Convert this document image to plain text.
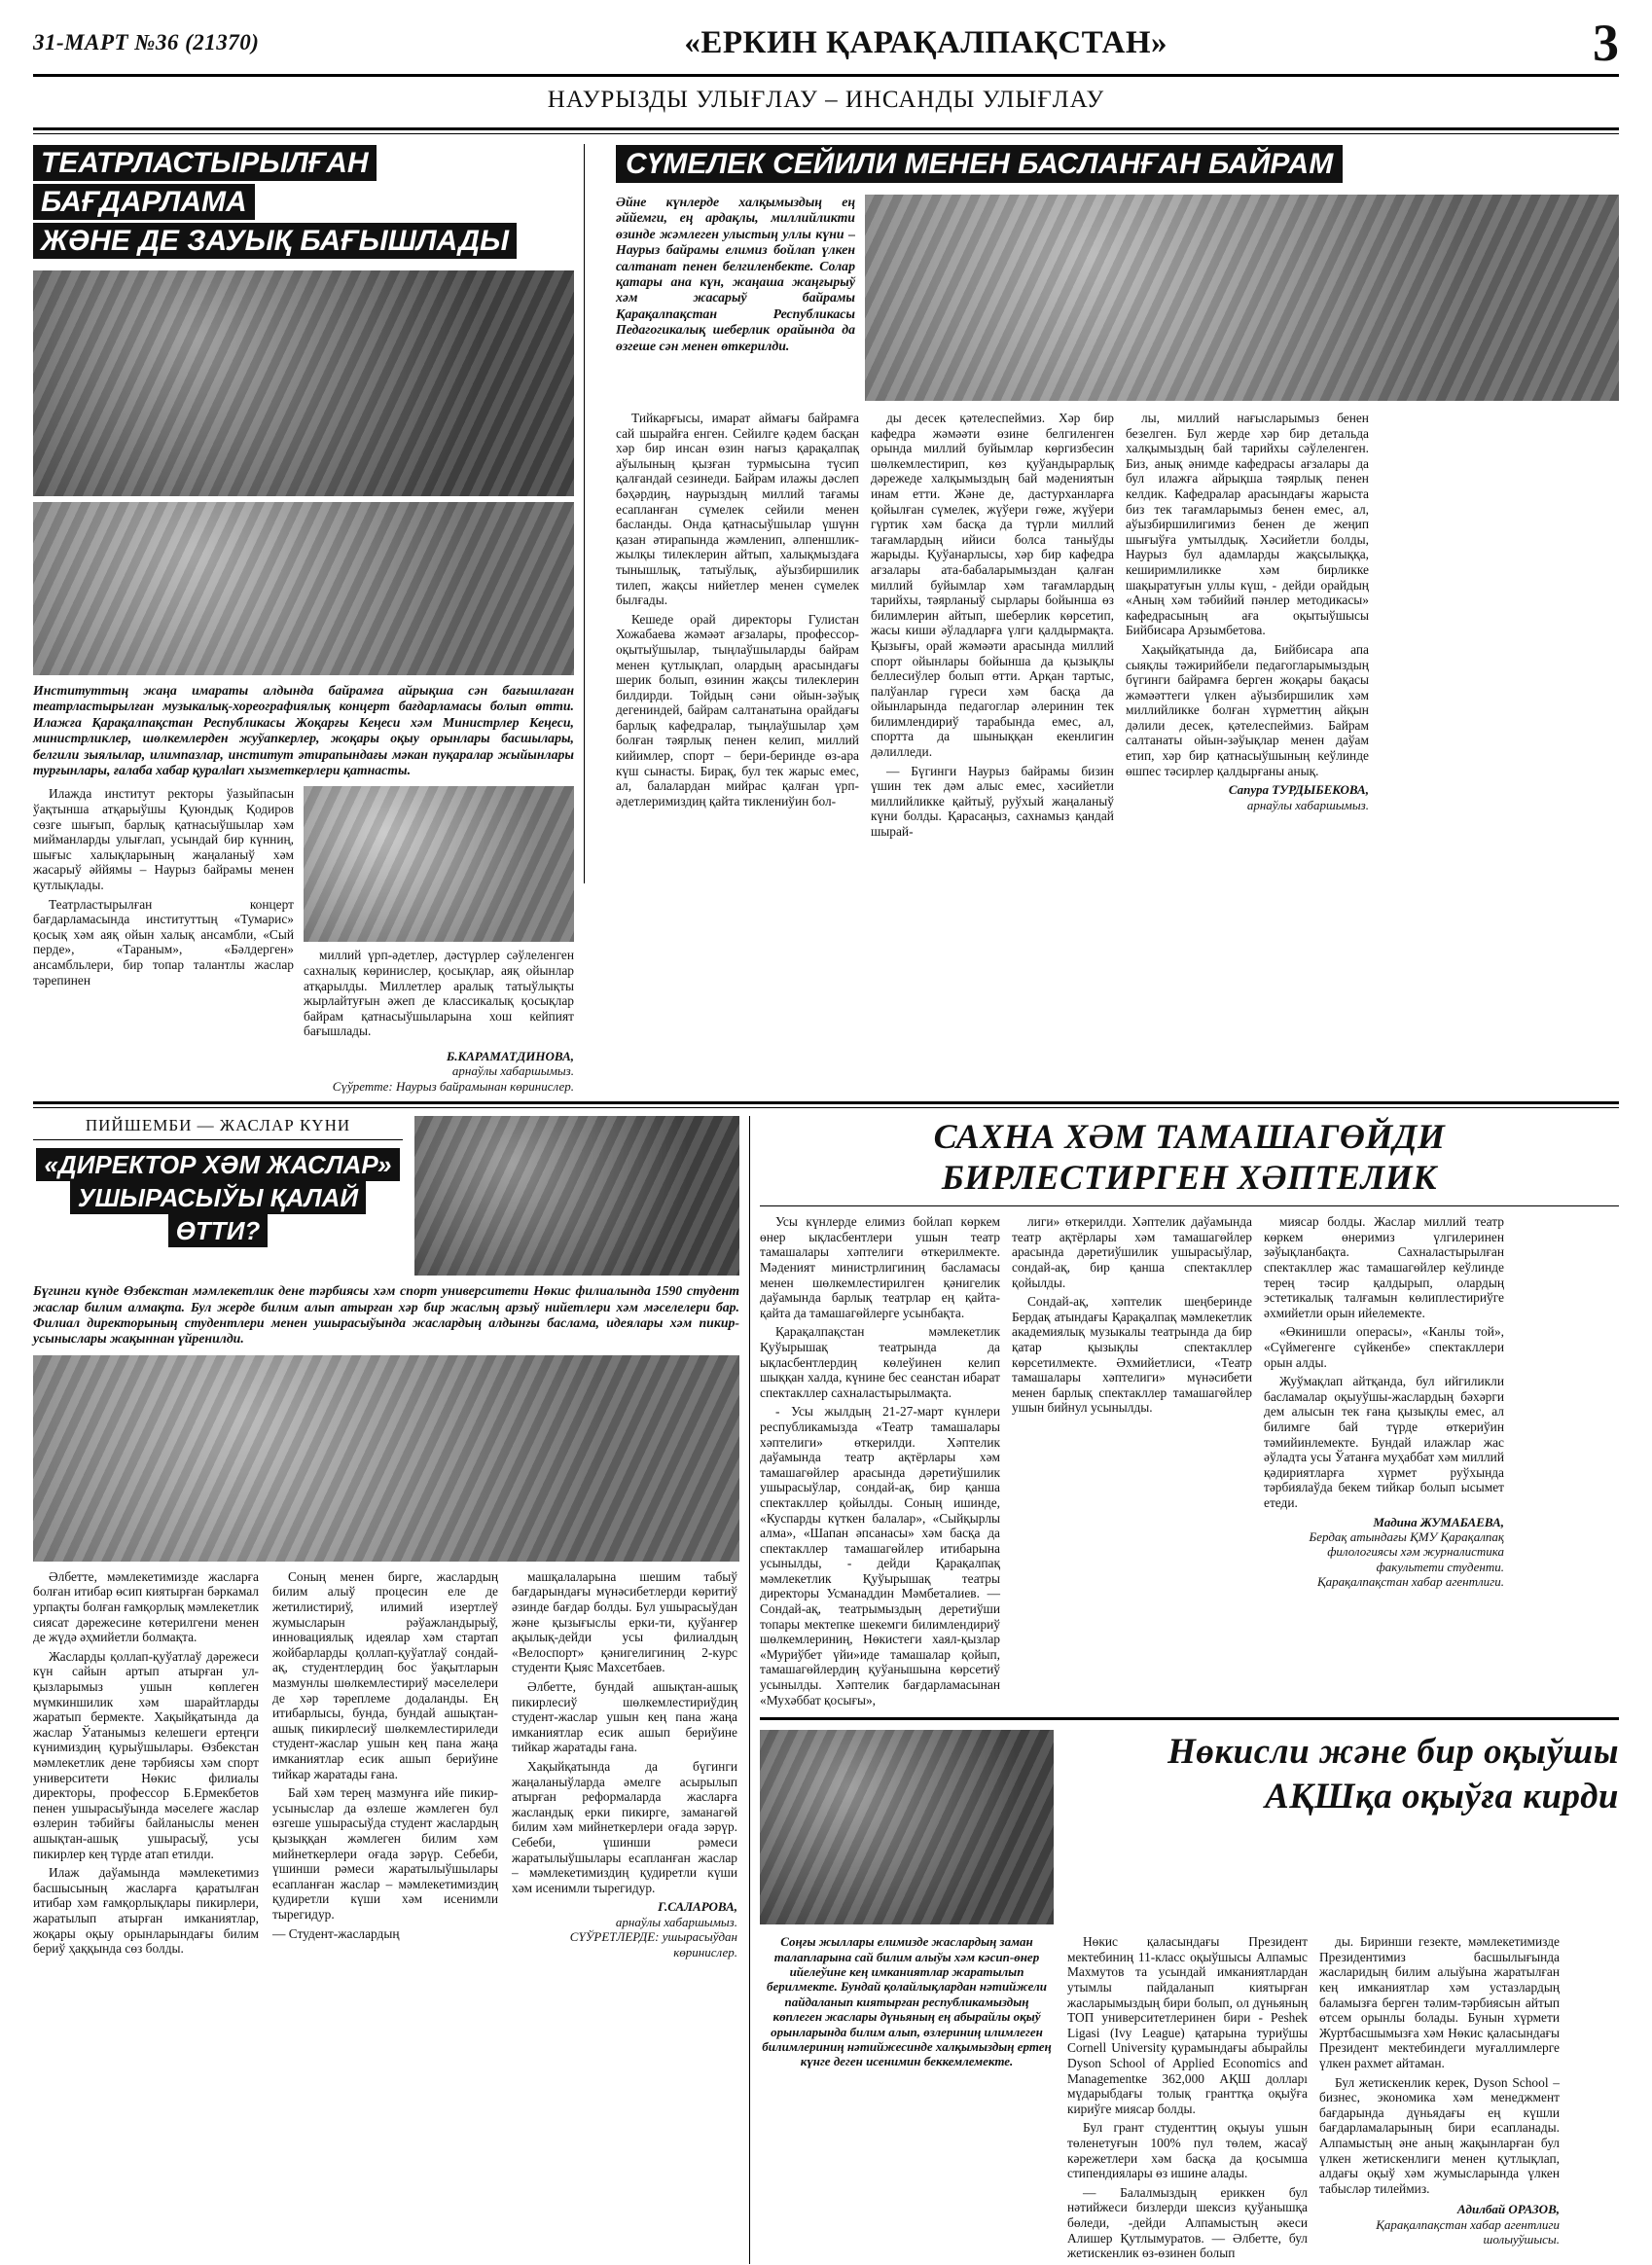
31-МАРТ №36 (21370)	«ЕРКИН ҚАРАҚАЛПАҚСТАН»	3
НАУРЫЗДЫ УЛЫҒЛАУ – ИНСАНДЫ УЛЫҒЛАУ
ТЕАТРЛАСТЫРЫЛҒАН БАҒДАРЛАМА
ЖӘНЕ ДЕ ЗАУЫҚ БАҒЫШЛАДЫ
Институттың жаңа имараты алдында байрамға айрықша сән бағышлаған театрластырылған музыкалық-хореографиялық концерт бағдарламасы болып өтти. Илажға Қарақалпақстан Республикасы Жоқарғы Кеңеси хәм Министрлер Кеңеси, министрликлер, шөлкемлерден жуўапкерлер, жоқары оқыу орынлары басшылары, белгили зыялылар, илимпазлар, институт әтирапындағы мәкан пуқаралар жыйынлары турғынлары, ғалаба хабар қуралları хызметкерлери қатнасты.

Илажда институт ректоры ўазыйпасын ўақтынша атқарыўшы Қуюндық Қодиров сөзге шығып, барлық қатнасыўшылар хәм мийманларды улығлап, усындай бир күнниң, шығыс халықларының жаңаланыў хәм жасарыў әййямы – Наурыз байрамы менен қутлықлады.

Театрластырылған концерт бағдарламасында институттың «Тумарис» қосық хәм аяқ ойын халық ансамбли, «Сый перде», «Тараным», «Бәлдерген» ансамбльлери, бир топар талантлы жаслар тәрепинен

миллий үрп-әдетлер, дәстүрлер сәўлеленген сахналық көринислер, қосықлар, аяқ ойынлар атқарылды. Миллетлер аралық татыўлықты жырлайтуғын әжеп де классикалық қосықлар байрам қатнасыўшыларына хош кейпият бағышлады.

Б.КАРАМАТДИНОВА,
арнаўлы хабаршымыз.
Сүўретте: Наурыз байрамынан көринислер.
СҮМЕЛЕК СЕЙИЛИ МЕНЕН БАСЛАНҒАН БАЙРАМ
Әйне күнлерде халқымыздың ең әййемги, ең ардақлы, миллийликти өзинде жәмлеген улыстың уллы күни – Наурыз байрамы елимиз бойлап үлкен салтанат пенен белгиленбекте. Солар қатары ана күн, жаңаша жаңғырыў хәм жасарыў байрамы Қарақалпақстан Республикасы Педагогикалық шеберлик орайында да өзгеше сән менен өткерилди.

Тийкарғысы, имарат аймағы байрамға сай шырайға енген. Сейилге қәдем басқан хәр бир инсан өзин нағыз қарақалпақ аўылының қызған турмысына түсип қалғандай сезинеди. Байрам илажы дәслеп бәҳәрдиң, наурыздың миллий тағамы есапланған сүмелек сейили менен басланды. Онда қатнасыўшылар үшүнн қазан әтирапында жәмленип, әлпеншлик-жылқы тилеклерин айтып, халықмыздаға тынышлық, татыўлық, аўызбиршилик тилеп, жақсы нийетлер менен сүмелек былғады.

Кешеде орай директоры Гулистан Хожабаева жәмәәт ағзалары, профессор-оқытыўшылар, тыңлаўшыларды байрам менен қутлықлап, олардың арасындағы шерик болып, өзинин жақсы тилеклерин билдирди. Тойдың сәни ойын-зәўық дегениндей, байрам салтанатына орайдағы барлық кафедралар, тыңлаўшылар ҳәм болған тәярлық пенен келип, миллий кийимлер, спорт – бери-беринде өз-ара күш сынасты. Бирақ, бул тек жарыс емес, ал, балалардан мийрас қалған үрп-әдетлеримиздиң қайта тиклениўин бол-

ды десек қәтелеспеймиз. Хәр бир кафедра жәмәәти өзине белгиленген орында миллий буйымлар көргизбесин шөлкемлестирип, көз қуўандырарлық дәрежеде халқымыздың бай мәдениятын инам етти. Және де, дастурханларға қойылған сүмелек, жүўери гөже, жүўери гүртик хәм басқа да түрли миллий тағамлардың ийиси болса таныўды жарыды. Қуўанарлысы, хәр бир кафедра ағзалары ата-бабаларымыздан қалған миллий буйымлар хәм тағамлардың тарийхы, тәярланыў сырлары бойынша өз билимлерин айтып, шеберлик көрсетип, жасы киши әўладларға үлги қалдырмақта. Қызығы, орай жәмәәти арасында миллий спорт ойынлары бойынша да қызықлы беллесиўлер болып өтти. Арқан тартыс, палўанлар гүреси хәм басқа да ойынларында педагоглар әлеринин тек билимлендириў тарабында емес, ал, спортта да шыныққан екенлигин дәлилледи.

— Бүгинги Наурыз байрамы бизин үшин тек дәм алыс емес, хәсийетли миллийликке қайтыў, руўхый жаңаланыў күни болды. Қарасаңыз, сахнамыз қандай шырай-

лы, миллий нағысларымыз бенен безелген. Бул жерде хәр бир детальда халқымыздың бай тарийхы сәўлеленген. Биз, анық әнимде кафедрасы ағзалары да бул илажға айрықша тәярлық пенен келдик. Кафедралар арасындағы жарыста биз тек тағамларымыз бенен емес, ал, аўызбиршилигимиз бенен де жеңип шығыўға умтылдық. Хәсийетли болды, Наурыз бул адамларды жақсылыққа, кеширимлиликке хәм бирликке шақыратуғын уллы күш, - дейди орайдың «Аның хәм тәбийий пәнлер методикасы» кафедрасының аға оқытыўшысы Бийбисара Арзымбетова.

Хақыйқатында да, Бийбисара апа сыяқлы тәжирийбели педагогларымыздың бүгинги байрамға берген жоқары бақасы жәмәәттеги үлкен аўызбиршилик хәм миллийликке болған хүрметтиң айқын дәлили десек, қәтелеспеймиз. Байрам салтанаты ойын-зәўықлар менен даўам етип, хәр бир қатнасыўшының кеўлинде өшпес тәсирлер қалдырғаны анық.

Сапура ТУРДЫБЕКОВА,
арнаўлы хабаршымыз.
ПИЙШЕМБИ — ЖАСЛАР КҮНИ
«ДИРЕКТОР ХӘМ ЖАСЛАР»
УШЫРАСЫЎЫ ҚАЛАЙ ӨТТИ?
Бүгинги күнде Өзбекстан мәмлекетлик дене тәрбиясы хәм спорт университети Нөкис филиалында 1590 студент жаслар билим алмақта. Бул жерде билим алып атырған хәр бир жаслың арзыў нийетлери хәм мәселелери бар. Филиал директорының студентлери менен ушырасыўында жаслардың алдынғы баслама, идеялары хәм пикир-усыныслары жақыннан үйренилди.

Әлбетте, мәмлекетимизде жасларға болған итибар өсип киятырған бәркамал урпақты болған ғамқорлық мәмлекетлик сиясат дәрежесине көтерилгени менен де жүдә әҳмийетли болмақта.

Жасларды қоллап-қуўатлаў дәрежеси күн сайын артып атырған ул-қызларымыз ушын көплеген мүмкиншилик хәм шарайтларды жаратып бермекте. Хақыйқатында да жаслар Ўатанымыз келешеги ертеңги күнимиздиң қурыўшылары. Өзбекстан мәмлекетлик дене тәрбиясы хәм спорт университети Нөкис филиалы директоры, профессор Б.Ермекбетов пенен ушырасыўында мәселеге жаслар өзлерин тәбийғы байланыслы менен ашықтан-ашық ушырасыў, усы пикирлер кең түрде атап етилди.

Илаж даўамында мәмлекетимиз басшысының жасларға қаратылған итибар хәм ғамқорлықлары пикирлери, жаратылып атырған имканиятлар, жоқары оқыу орынларындағы билим бериў ҳаққында сөз болды.

Соның менен бирге, жаслардың билим алыў процесин еле де жетилистириў, илимий изертлеў жумысларын рәўажландырыў, инновациялық идеялар хәм стартап жойбарларды қоллап-қуўатлаў сондай-ақ, студентлердиң бос ўақытларын мазмунлы шөлкемлестириў мәселелери де хәр тәреплеме додаланды. Ең итибарлысы, бунда, бундай ашықтан-ашық пикирлесиў шөлкемлестириледи студент-жаслар ушын кең пана жаңа имканиятлар есик ашып бериўине тийкар жаратады ғана.

Бай хәм терең мазмунға ийе пикир-усыныслар да өзлеше жәмлеген бул өзгеше ушырасыўда студент жаслардың қызыққан жәмлеген билим хәм мийнеткерлери оғада зәрүр. Себеби, үшинши рәмеси жаратылыўшылары есапланған жаслар – мәмлекетимиздиң қудиретли күши хәм исенимли тырегидур.

— Студент-жаслардың

машқалаларына шешим табыў бағдарындағы мүнәсибетлерди көритиў әзинде бағдар болды. Бул ушырасыўдан және қызығыслы ерки-ти, қуўанғер ақылық-дейди усы филиалдың «Велоспорт» қәнигелигиниң 2-курс студенти Қыяс Махсетбаев.

Әлбетте, бундай ашықтан-ашық пикирлесиў шөлкемлестириўдиң студент-жаслар ушын кең пана жаңа имканиятлар есик ашып бериўине тийкар жаратады ғана.

Хақыйқатында да бүгинги жаңаланыўларда әмелге асырылып атырған реформаларда жасларға жасландық ерки пикирге, заманагөй билим хәм мийнеткерлери оғада зәрүр. Себеби, үшинши рәмеси жаратылыўшылары есапланған жаслар – мәмлекетимиздиң қудиретли күши хәм исенимли тырегидур.

Г.САЛАРОВА,
арнаўлы хабаршымыз.
СҮЎРЕТЛЕРДЕ: ушырасыўдан көринислер.
САХНА ХӘМ ТАМАШАГӨЙДИ
БИРЛЕСТИРГЕН ХӘПТЕЛИК

Усы күнлерде елимиз бойлап көркем өнер ықласбентлери ушын театр тамашалары хәптелиги өткерилмекте. Мәденият министрлигиниң басламасы менен шөлкемлестирилген қәнигелик даўамында барлық театрлар ең қайта-қайта да тамашагөйлерге усынбақта.

Қарақалпақстан мәмлекетлик Қуўырышақ театрында да ықласбентлердиң көлеўинен келип шыққан халда, күнине бес сеанстан ибарат спектакллер сахналастырылмақта.

- Усы жылдың 21-27-март күнлери республикамызда «Театр тамашалары хәптелиги» өткерилди. Хәптелик даўамында театр ақтёрлары хәм тамашагөйлер арасында дәретиўшилик ушырасыўлар, сондай-ақ, бир қанша спектакллер қойылды. Соның ишинде, «Куспарды күткен балалар», «Сыйқырлы алма», «Шапан әпсанасы» хәм басқа да спектакллер тамашагөйлер итибарына усынылды, - дейди Қарақалпақ мәмлекетлик Қуўырышақ театры директоры Усманаддин Мәмбеталиев. — Сондай-ақ, театрымыздың деретиўши топары мектепке шекемги билимлендириў шөлкемлериниң, Нөкистеги хаял-қызлар «Муриўбет үйи»иде тамашалар қойып, тамашагөйлердиң қуўанышына көрсетиў усынылды. Хәптелик бағдарламасынан «Мухәббат қосығы»,

лиги» өткерилди. Хәптелик даўамында театр ақтёрлары хәм тамашагөйлер арасында дәретиўшилик ушырасыўлар, сондай-ақ, бир қанша спектакллер қойылды.

Сондай-ақ, хәптелик шеңберинде Бердақ атындағы Қарақалпақ мәмлекетлик академиялық музыкалы театрында да бир қатар қызықлы спектакллер көрсетилмекте. Әхмийетлиси, «Театр тамашалары хәптелиги» мүнәсибети менен барлық спектакллер тамашагөйлер ушын бийнул усынылды.

миясар болды. Жаслар миллий театр көркем өнеримиз үлгилеринен зәўықланбақта. Сахналастырылған спектакллер жас тамашагөйлер кеўлинде терең тәсир қалдырып, олардың эстетикалық талғамын көлиплестириўге әхмийетли орын ийелемекте.

«Өкинишли операсы», «Канлы той», «Сүймегенге сүйкенбе» спектакллери орын алды.

Жуўмақлап айтқанда, бул ийгиликли басламалар оқыуўшы-жаслардың бәхәрги дем алысын тек ғана қызықлы емес, ал билимге бай түрде өткериўин тәмийинлемекте. Бундай илажлар жас әўладта усы Ўатанға муҳаббат хәм миллий қәдириятларға хүрмет руўхында тәрбиялаўда бекем тийкар болып ысымет етеди.

Мадина ЖУМАБАЕВА,
Бердақ атындағы ҚМУ Қарақалпақ филологиясы хәм журналистика факультети студенти.
Қарақалпақстан хабар агентлиги.
Нөкисли және бир оқыўшы
АҚШқа оқыўға кирди
Соңғы жыллары елимизде жаслардың заман талапларына сай билим алыўы хәм кәсип-өнер ийелеўине кең имканиятлар жаратылып берилмекте. Бундай қолайлықлардан нәтийжели пайдаланып киятырған республикамыздың көплеген жаслары дүньяның ең абырайлы оқыў орынларында билим алып, өзлериниң илимлеген билимлериниң нәтийжесинде халқымыздың ертең күнге деген исенимин беккемлемекте.

Нөкис қаласындағы Президент мектебиниң 11-класс оқыўшысы Алпамыс Махмутов та усындай имканиятлардан утымлы пайдаланып киятырған жасларымыздың бири болып, ол дүньяның ТОП университетлеринен бири - Peshek Ligasi (Ivy League) қатарына туриўшы Cornell University қурамындағы абырайлы Dyson School of Applied Economics and Managementке 362,000 АҚШ долларı мүдарыбдағы толық гранттқа оқыўға кириўге миясар болды.

Бул грант студенттиң оқыуы ушын төленетуғын 100% пул төлем, жасаў кәрежетлери хәм басқа да қосымша стипендиялары өз ишине алады.

— Балалмыздың ериккен бул нәтийжеси бизлерди шексиз қуўанышқа бөледи, -дейди Алпамыстың әкеси Алишер Қутлымуратов. — Әлбетте, бул жетискенлик өз-өзинен болып

ды. Биринши гезекте, мәмлекетимизде Президентимиз басшылығында жасларидың билим алыўына жаратылған кең имканиятлар хәм устазлардың баламызға берген тәлим-тәрбиясын айтып өтсем орынлы болады. Бунын хүрмети Журтбасшымызға хәм Нөкис қаласындағы Президент мектебиндеги муғаллимлерге үлкен рахмет айтаман.

Бул жетискенлик керек, Dyson School – бизнес, экономика хәм менеджмент бағдарында дүньядағы ең күшли бағдарламаларының бири есапланады. Алпамыстың әне аның жақынларған бул үлкен жетискенлиги менен қутлықлап, алдағы оқыў хәм жумысларында үлкен табысләр тилеймиз.

Адилбай ОРАЗОВ,
Қарақалпақстан хабар агентлиги шолыуўшысы.
